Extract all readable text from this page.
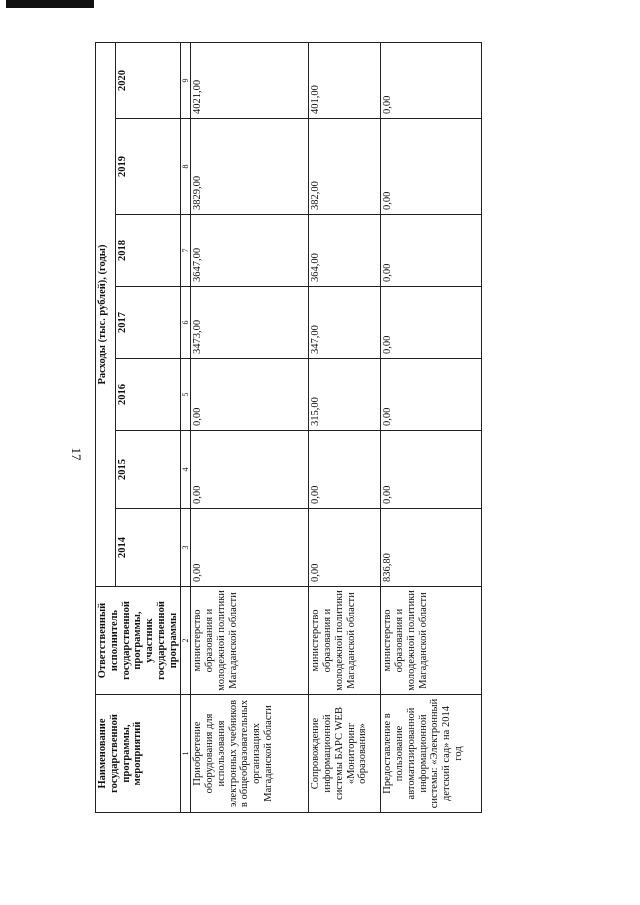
17
Наименование государственной программы, мероприятий	Ответственный исполнитель государственной программы, участник государственной программы	Расходы (тыс. рублей), (годы)						
		2014	2015	2016	2017	2018	2019	2020
1	2	3	4	5	6	7	8	9
Приобретение оборудования для использования электронных учебников в общеобразовательных организациях Магаданской области	министерство образования и молодежной политики Магаданской области	0,00	0,00	0,00	3473,00	3647,00	3829,00	4021,00
Сопровождение информационной системы БАРС WEB «Мониторинг образования»	министерство образования и молодежной политики Магаданской области	0,00	0,00	315,00	347,00	364,00	382,00	401,00
Предоставление в пользование автоматизированной информационной системы: «Электронный детский сад» на 2014 год	министерство образования и молодежной политики Магаданской области	836,80	0,00	0,00	0,00	0,00	0,00	0,00
